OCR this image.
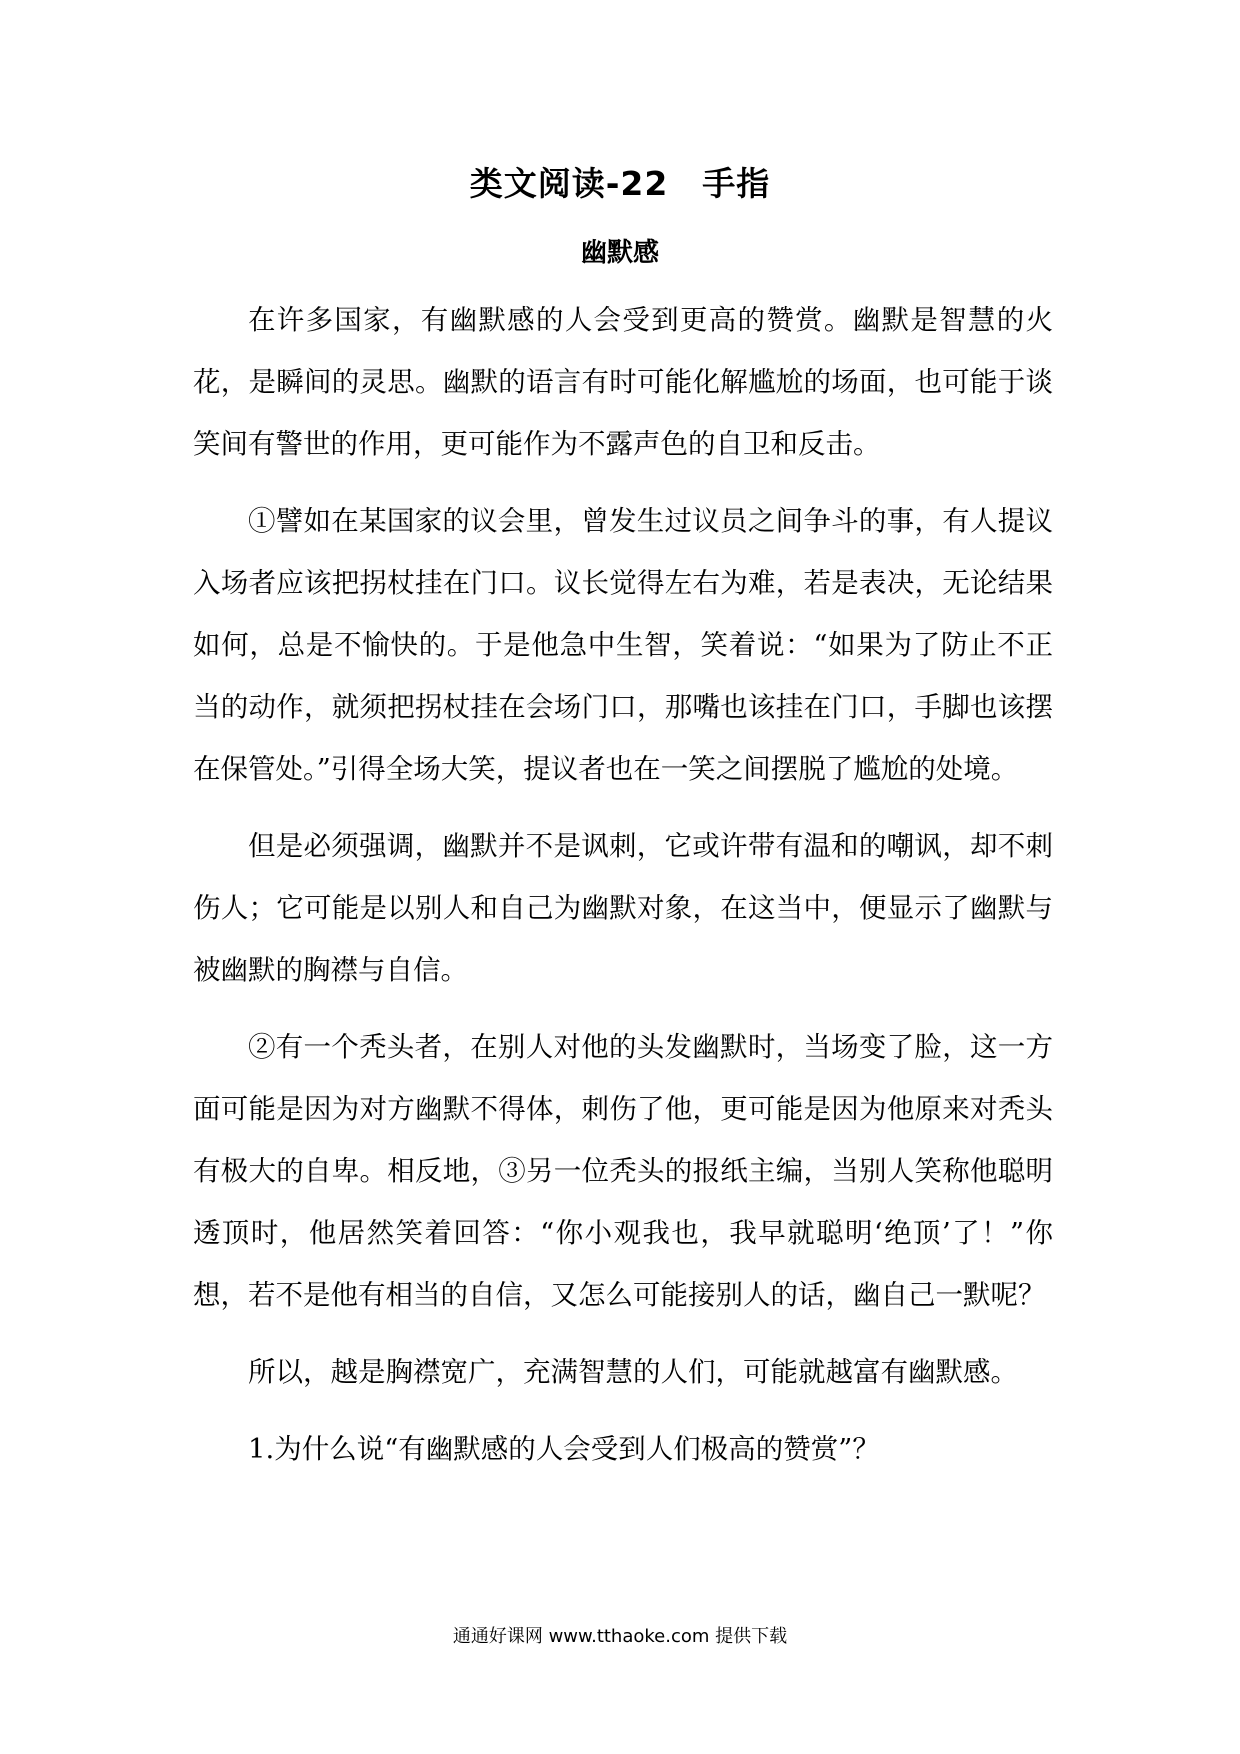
类文阅读-22　手指
幽默感

在许多国家，有幽默感的人会受到更高的赞赏。幽默是智慧的火花，是瞬间的灵思。幽默的语言有时可能化解尴尬的场面，也可能于谈笑间有警世的作用，更可能作为不露声色的自卫和反击。

①譬如在某国家的议会里，曾发生过议员之间争斗的事，有人提议入场者应该把拐杖挂在门口。议长觉得左右为难，若是表决，无论结果如何，总是不愉快的。于是他急中生智，笑着说：“如果为了防止不正当的动作，就须把拐杖挂在会场门口，那嘴也该挂在门口，手脚也该摆在保管处。”引得全场大笑，提议者也在一笑之间摆脱了尴尬的处境。

但是必须强调，幽默并不是讽刺，它或许带有温和的嘲讽，却不刺伤人；它可能是以别人和自己为幽默对象，在这当中，便显示了幽默与被幽默的胸襟与自信。

②有一个秃头者，在别人对他的头发幽默时，当场变了脸，这一方面可能是因为对方幽默不得体，刺伤了他，更可能是因为他原来对秃头有极大的自卑。相反地，③另一位秃头的报纸主编，当别人笑称他聪明透顶时，他居然笑着回答：“你小观我也，我早就聪明‘绝顶’了！”你想，若不是他有相当的自信，又怎么可能接别人的话，幽自己一默呢？

所以，越是胸襟宽广，充满智慧的人们，可能就越富有幽默感。

1.为什么说“有幽默感的人会受到人们极高的赞赏”？
通通好课网 www.tthaoke.com 提供下载
